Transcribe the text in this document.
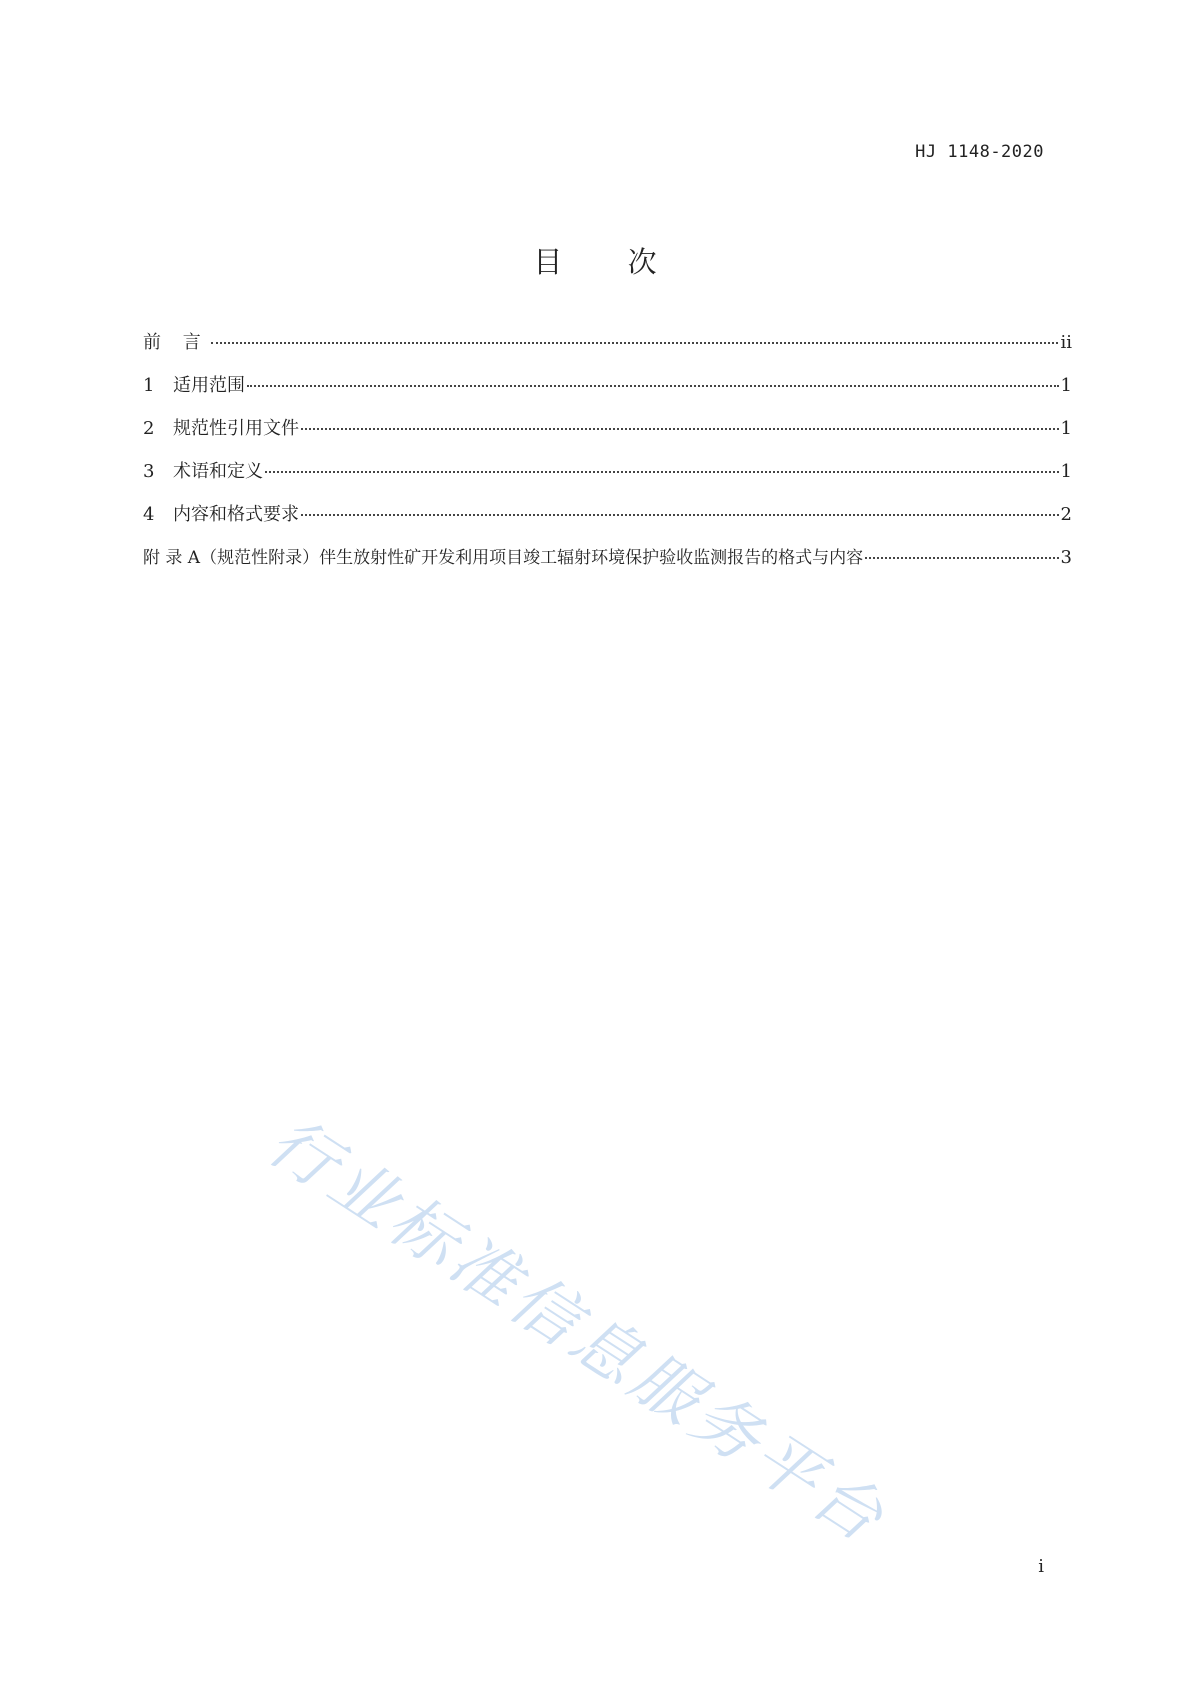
HJ 1148-2020
目 次
前 言	ii
1	适用范围	1
2	规范性引用文件	1
3	术语和定义	1
4	内容和格式要求	2
附 录 A（规范性附录）伴生放射性矿开发利用项目竣工辐射环境保护验收监测报告的格式与内容	3
行业标准信息服务平台
i
